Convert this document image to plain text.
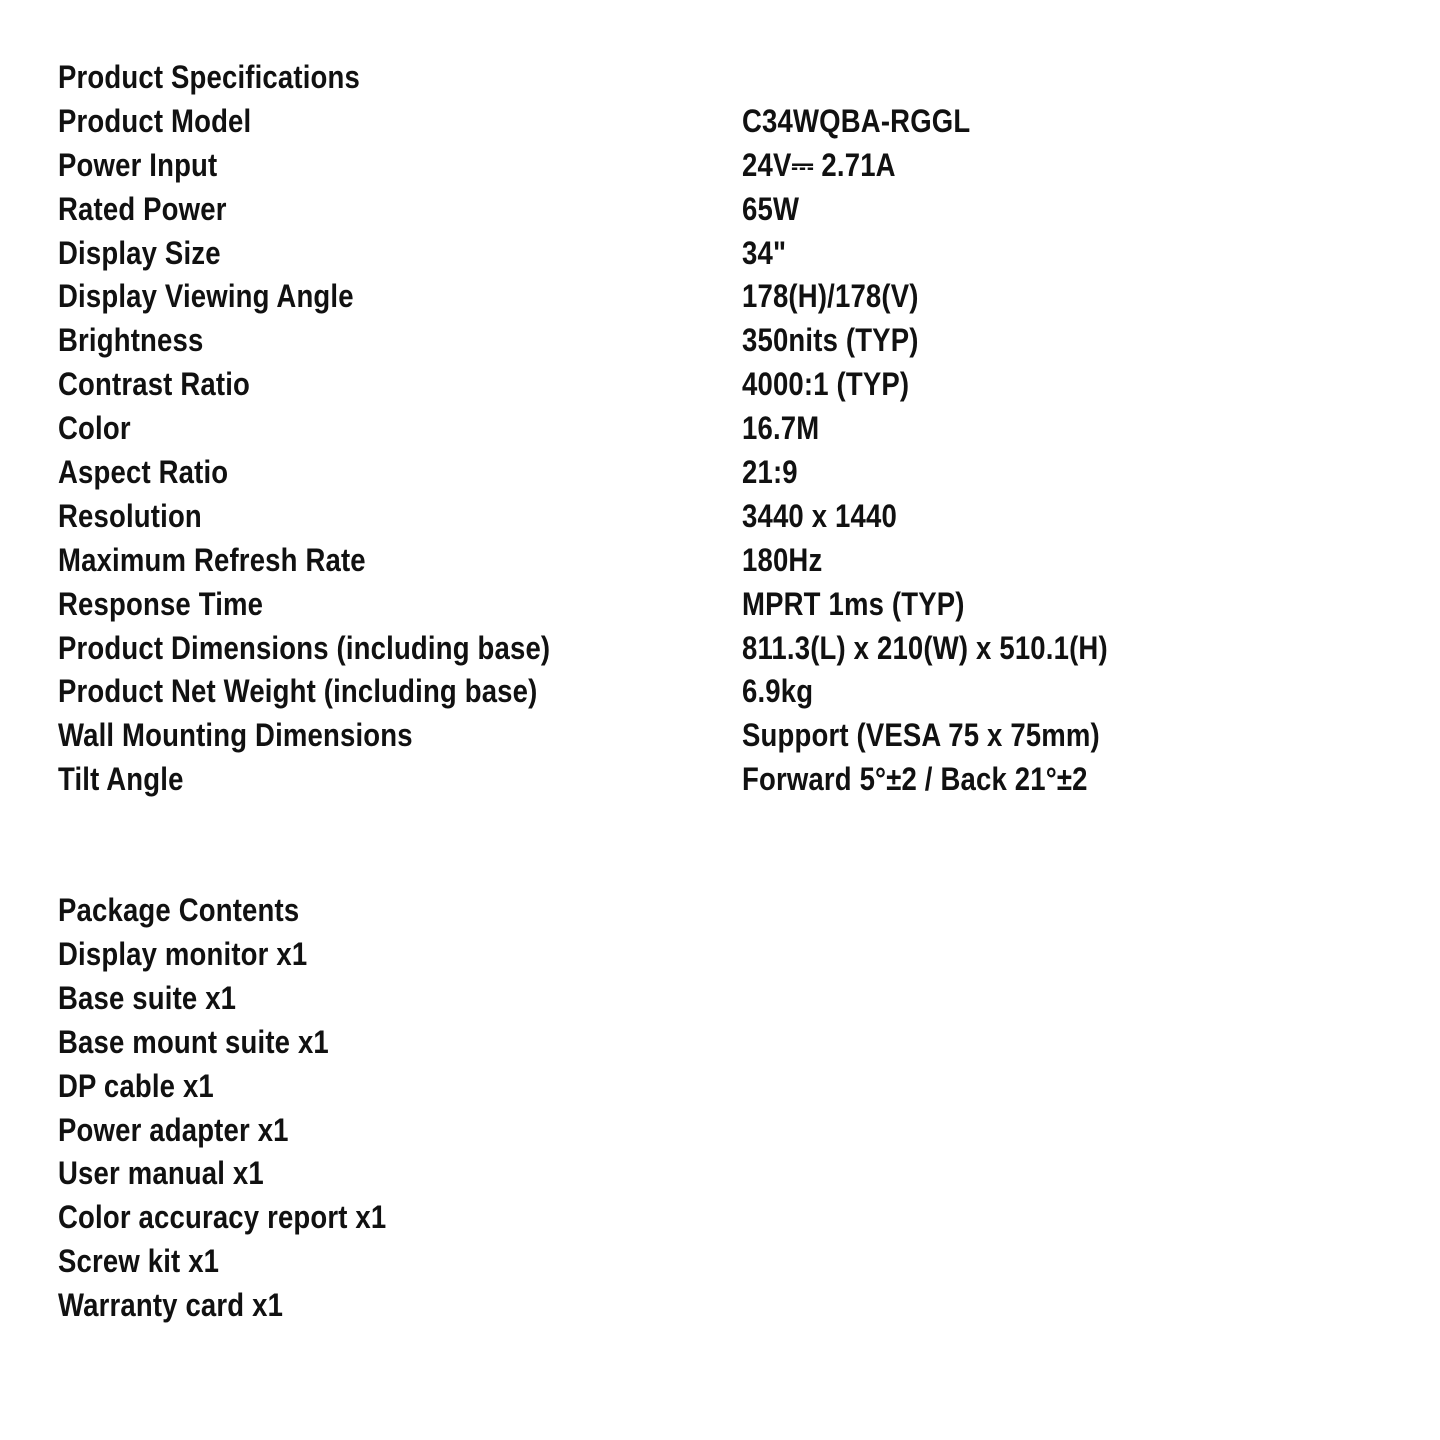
Product Specifications
Product Model	C34WQBA-RGGL
Power Input	24V⎓ 2.71A
Rated Power	65W
Display Size	34"
Display Viewing Angle	178(H)/178(V)
Brightness	350nits (TYP)
Contrast Ratio	4000:1 (TYP)
Color	16.7M
Aspect Ratio	21:9
Resolution	3440 x 1440
Maximum Refresh Rate	180Hz
Response Time	MPRT 1ms (TYP)
Product Dimensions (including base)	811.3(L) x 210(W) x 510.1(H)
Product Net Weight (including base)	6.9kg
Wall Mounting Dimensions	Support (VESA 75 x 75mm)
Tilt Angle	Forward 5°±2 / Back 21°±2
Package Contents
Display monitor x1
Base suite x1
Base mount suite x1
DP cable x1
Power adapter x1
User manual x1
Color accuracy report x1
Screw kit x1
Warranty card x1
